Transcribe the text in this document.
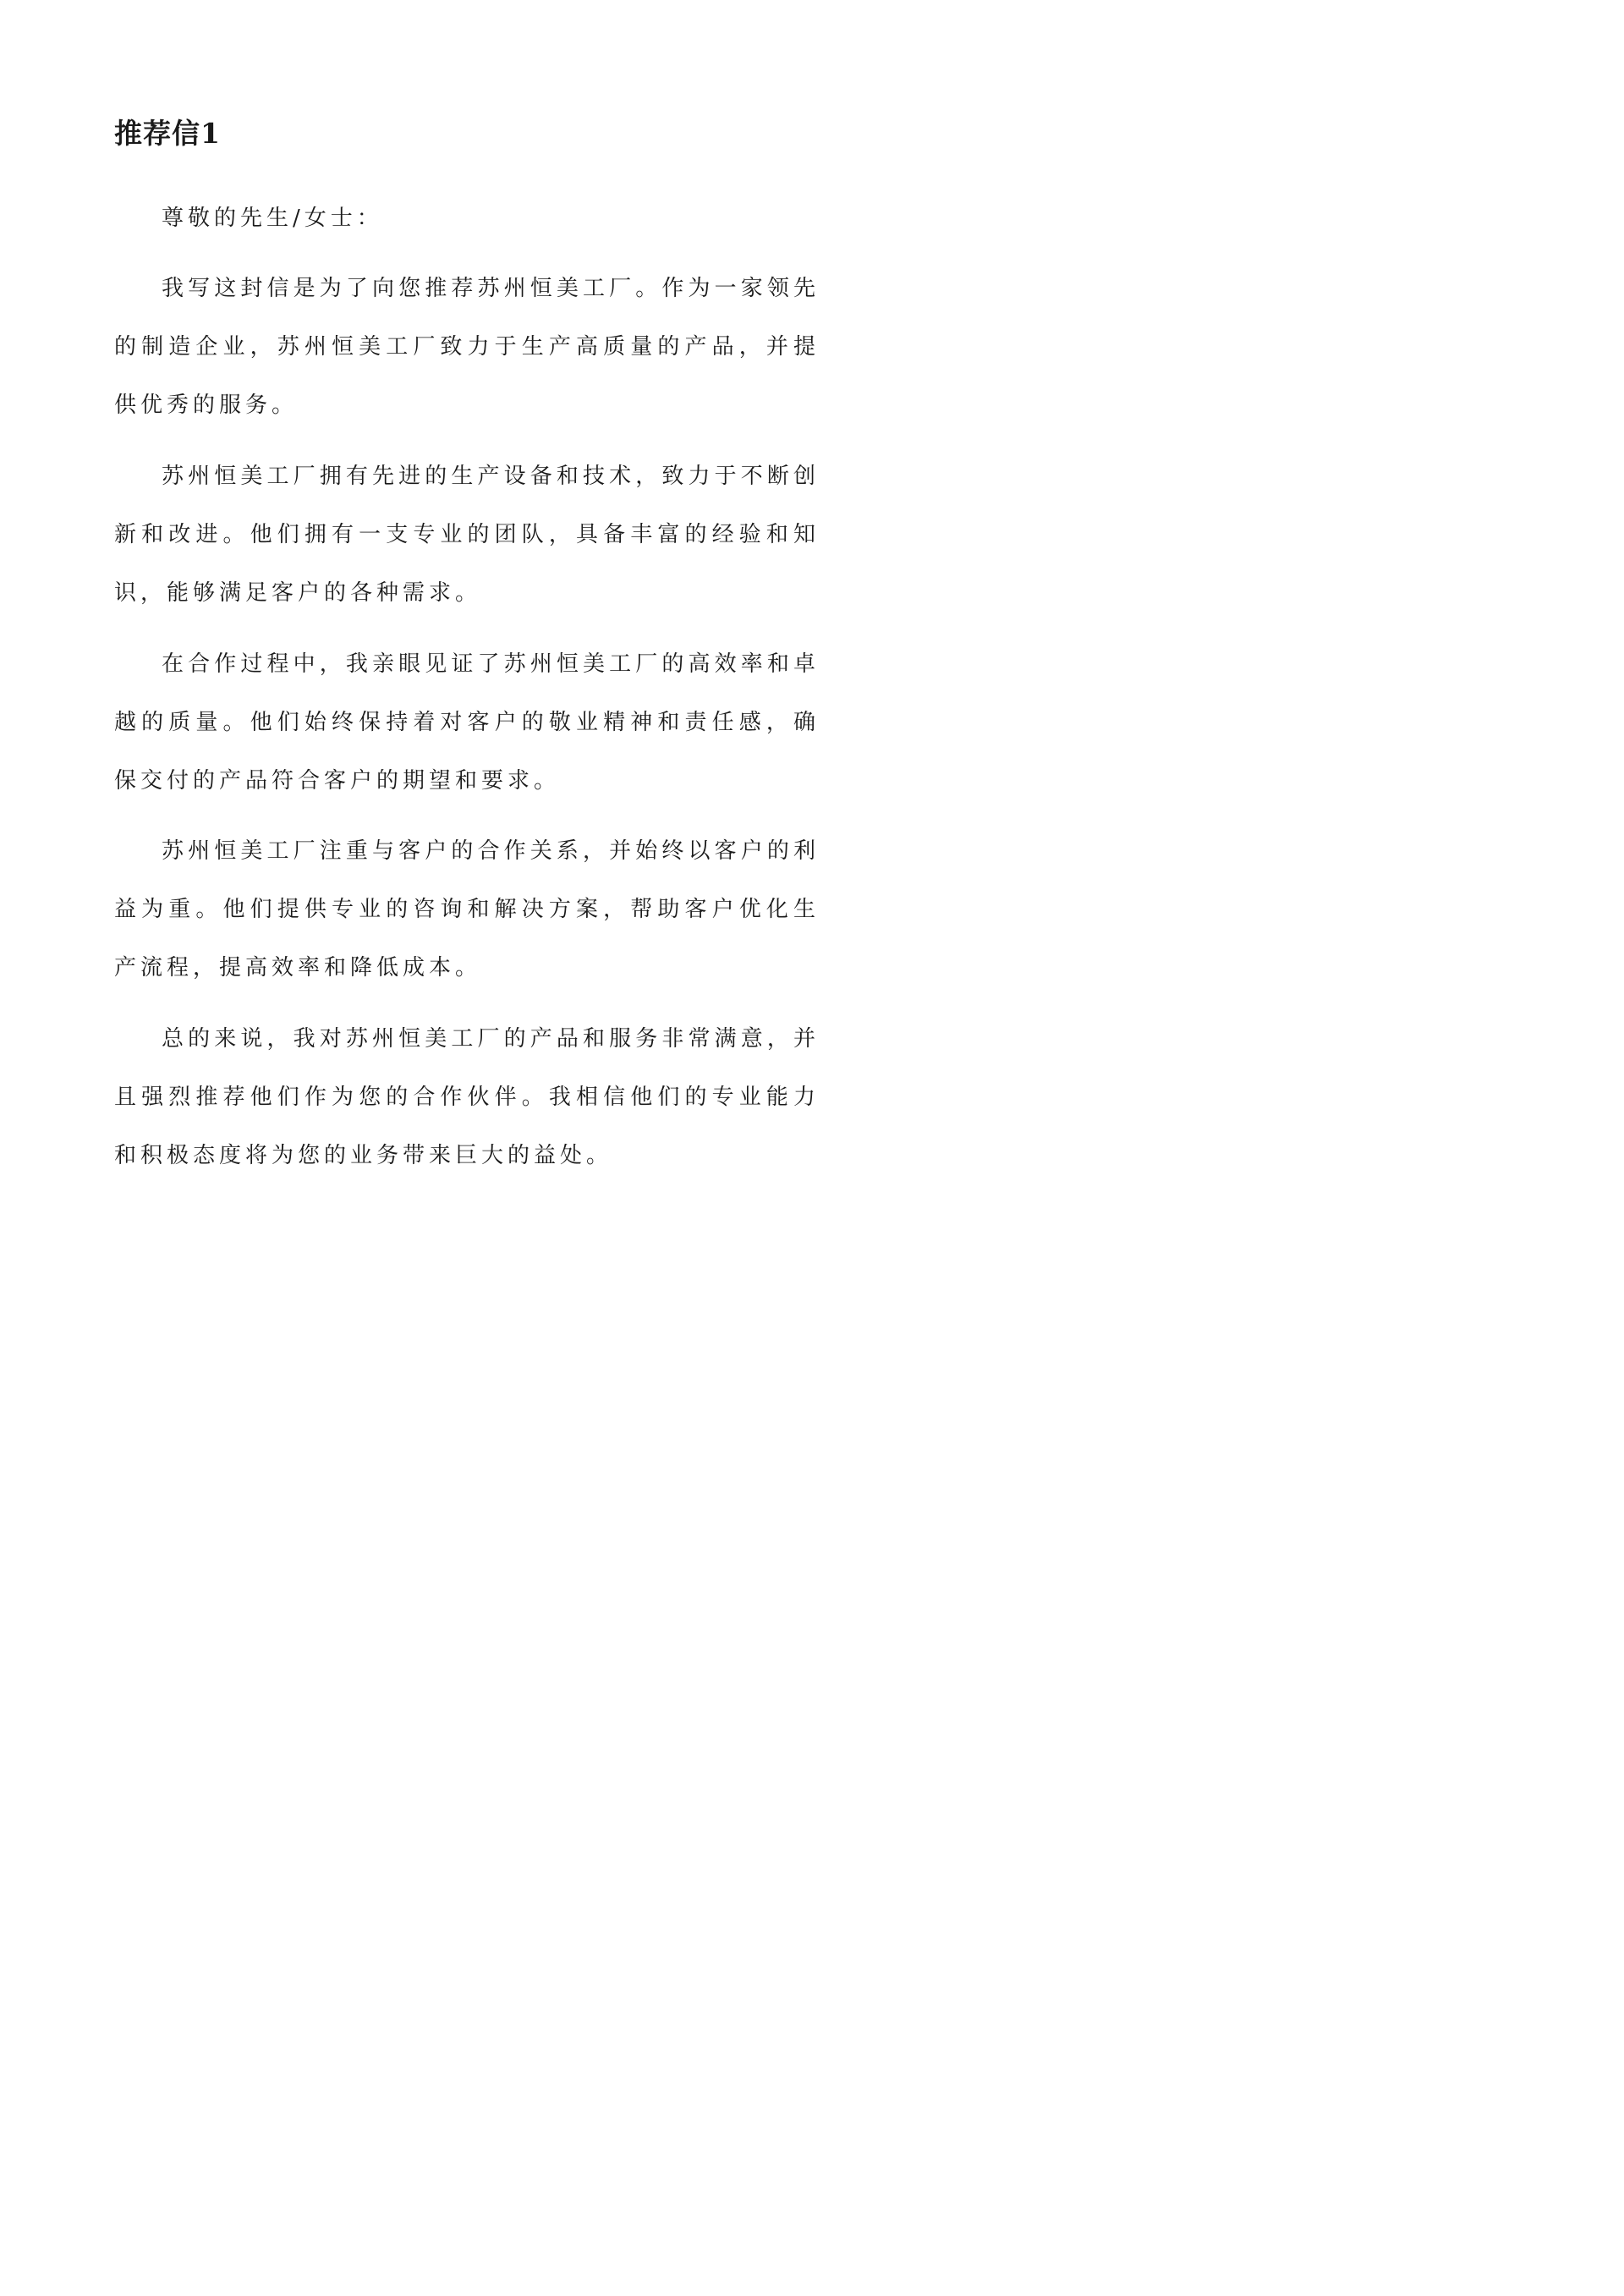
推荐信1

尊敬的先生/女士：

我写这封信是为了向您推荐苏州恒美工厂。作为一家领先的制造企业，苏州恒美工厂致力于生产高质量的产品，并提供优秀的服务。

苏州恒美工厂拥有先进的生产设备和技术，致力于不断创新和改进。他们拥有一支专业的团队，具备丰富的经验和知识，能够满足客户的各种需求。

在合作过程中，我亲眼见证了苏州恒美工厂的高效率和卓越的质量。他们始终保持着对客户的敬业精神和责任感，确保交付的产品符合客户的期望和要求。

苏州恒美工厂注重与客户的合作关系，并始终以客户的利益为重。他们提供专业的咨询和解决方案，帮助客户优化生产流程，提高效率和降低成本。

总的来说，我对苏州恒美工厂的产品和服务非常满意，并且强烈推荐他们作为您的合作伙伴。我相信他们的专业能力和积极态度将为您的业务带来巨大的益处。
